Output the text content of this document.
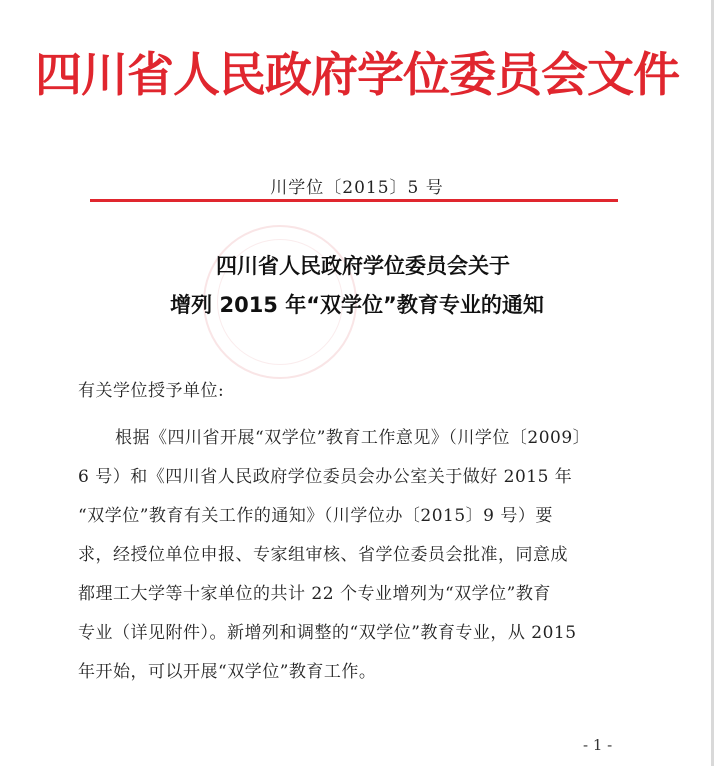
四川省人民政府学位委员会文件
川学位〔2015〕5 号
四川省人民政府学位委员会关于
增列 2015 年“双学位”教育专业的通知
有关学位授予单位:
根据《四川省开展“双学位”教育工作意见》（川学位〔2009〕
6 号）和《四川省人民政府学位委员会办公室关于做好 2015 年
“双学位”教育有关工作的通知》（川学位办〔2015〕9 号）要
求，经授位单位申报、专家组审核、省学位委员会批准，同意成
都理工大学等十家单位的共计 22 个专业增列为“双学位”教育
专业（详见附件）。新增列和调整的“双学位”教育专业，从 2015
年开始，可以开展“双学位”教育工作。
- 1 -
